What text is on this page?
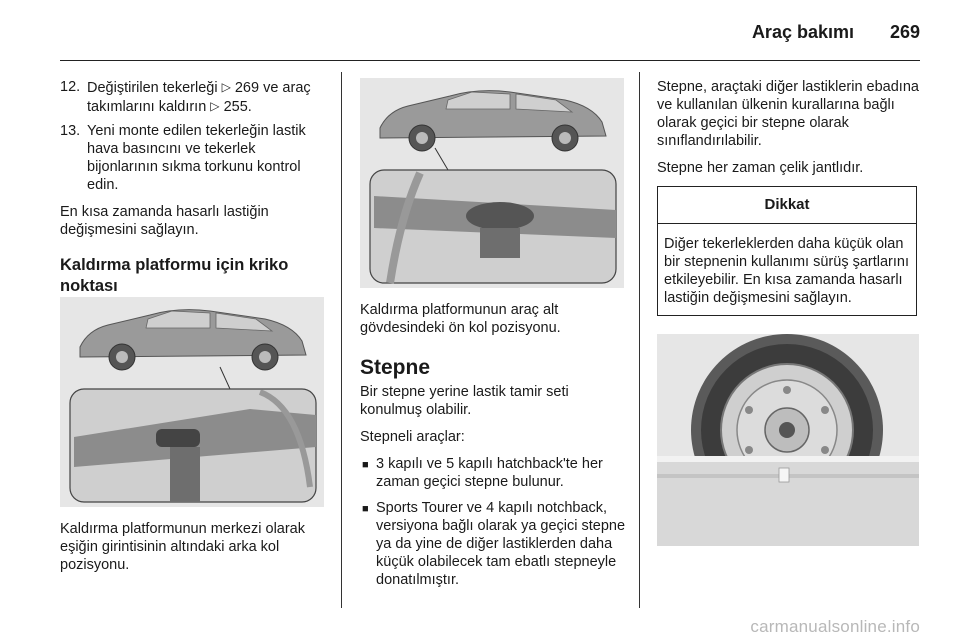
Araç bakımı 269
12. Değiştirilen tekerleği ▷ 269 ve araç takımlarını kaldırın ▷ 255.
13. Yeni monte edilen tekerleğin lastik hava basıncını ve tekerlek bijonlarının sıkma torkunu kontrol edin.

En kısa zamanda hasarlı lastiğin değişmesini sağlayın.

Kaldırma platformu için kriko noktası

Kaldırma platformunun merkezi olarak eşiğin girintisinin altındaki arka kol pozisyonu.

Kaldırma platformunun araç alt gövdesindeki ön kol pozisyonu.

Stepne

Bir stepne yerine lastik tamir seti konulmuş olabilir.

Stepneli araçlar:

■ 3 kapılı ve 5 kapılı hatchback'te her zaman geçici stepne bulunur.
■ Sports Tourer ve 4 kapılı notchback, versiyona bağlı olarak ya geçici stepne ya da yine de diğer lastiklerden daha küçük olabilecek tam ebatlı stepneyle donatılmıştır.

Stepne, araçtaki diğer lastiklerin ebadına ve kullanılan ülkenin kurallarına bağlı olarak geçici bir stepne olarak sınıflandırılabilir.

Stepne her zaman çelik jantlıdır.

Dikkat
Diğer tekerleklerden daha küçük olan bir stepnenin kullanımı sürüş şartlarını etkileyebilir. En kısa zamanda hasarlı lastiğin değişmesini sağlayın.
carmanualsonline.info
